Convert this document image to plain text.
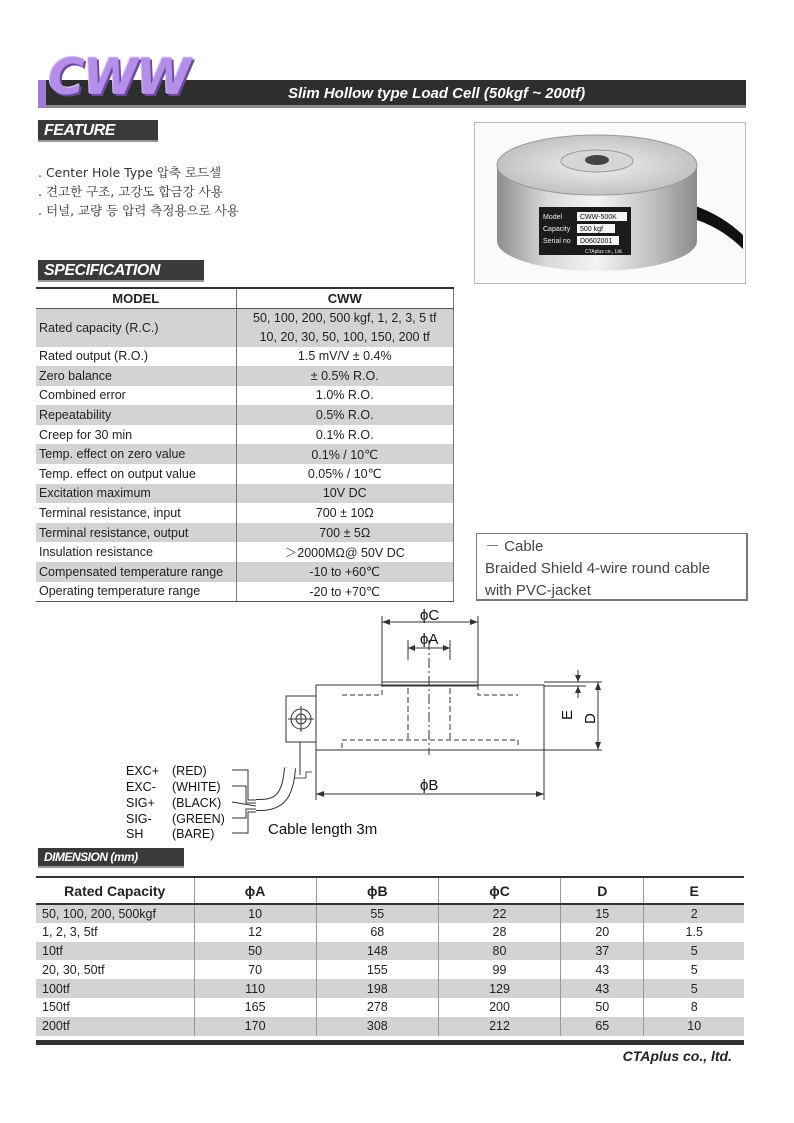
CWW	Slim Hollow type Load Cell (50kgf ~ 200tf)
FEATURE
. Center Hole Type 압축 로드셀
. 견고한 구조, 고강도 합금강 사용
. 터널, 교량 등 압력 측정용으로 사용	Model	CWW-500K
Capacity 500 kgf
Serial no D0602001
CTAplus co., Ltd.
SPECIFICATION
MODEL	CWW
Rated capacity (R.C.)	50, 100, 200, 500 kgf, 1, 2, 3, 5 tf
10, 20, 30, 50, 100, 150, 200 tf

Rated output (R.O.)	1.5 mV/V ± 0.4%
Zero balance	± 0.5% R.O.
Combined error	1.0% R.O.
Repeatability	0.5% R.O.
Creep for 30 min	0.1% R.O.
Temp. effect on zero value	0.1% / 10℃
Temp. effect on output value	0.05% / 10℃
Excitation maximum	10V DC
Terminal resistance, input	700 ± 10Ω
Terminal resistance, output	700 ± 5Ω
Insulation resistance	＞2000MΩ@ 50V DC
Compensated temperature range	-10 to +60℃
Operating temperature range	-20 to +70℃
－ Cable
Braided Shield 4-wire round cable
with PVC-jacket
ϕC
ϕA
ϕB
E D
EXC+ (RED)
EXC- (WHITE)
SIG+ (BLACK)
SIG- (GREEN)
SH (BARE)	Cable length 3m
DIMENSION (mm)
Rated Capacity	ϕA	ϕB	ϕC	D	E
50, 100, 200, 500kgf	10	55	22	15	2
1, 2, 3, 5tf	12	68	28	20	1.5
10tf	50	148	80	37	5
20, 30, 50tf	70	155	99	43	5
100tf	110	198	129	43	5
150tf	165	278	200	50	8
200tf	170	308	212	65	10
CTAplus co., ltd.
